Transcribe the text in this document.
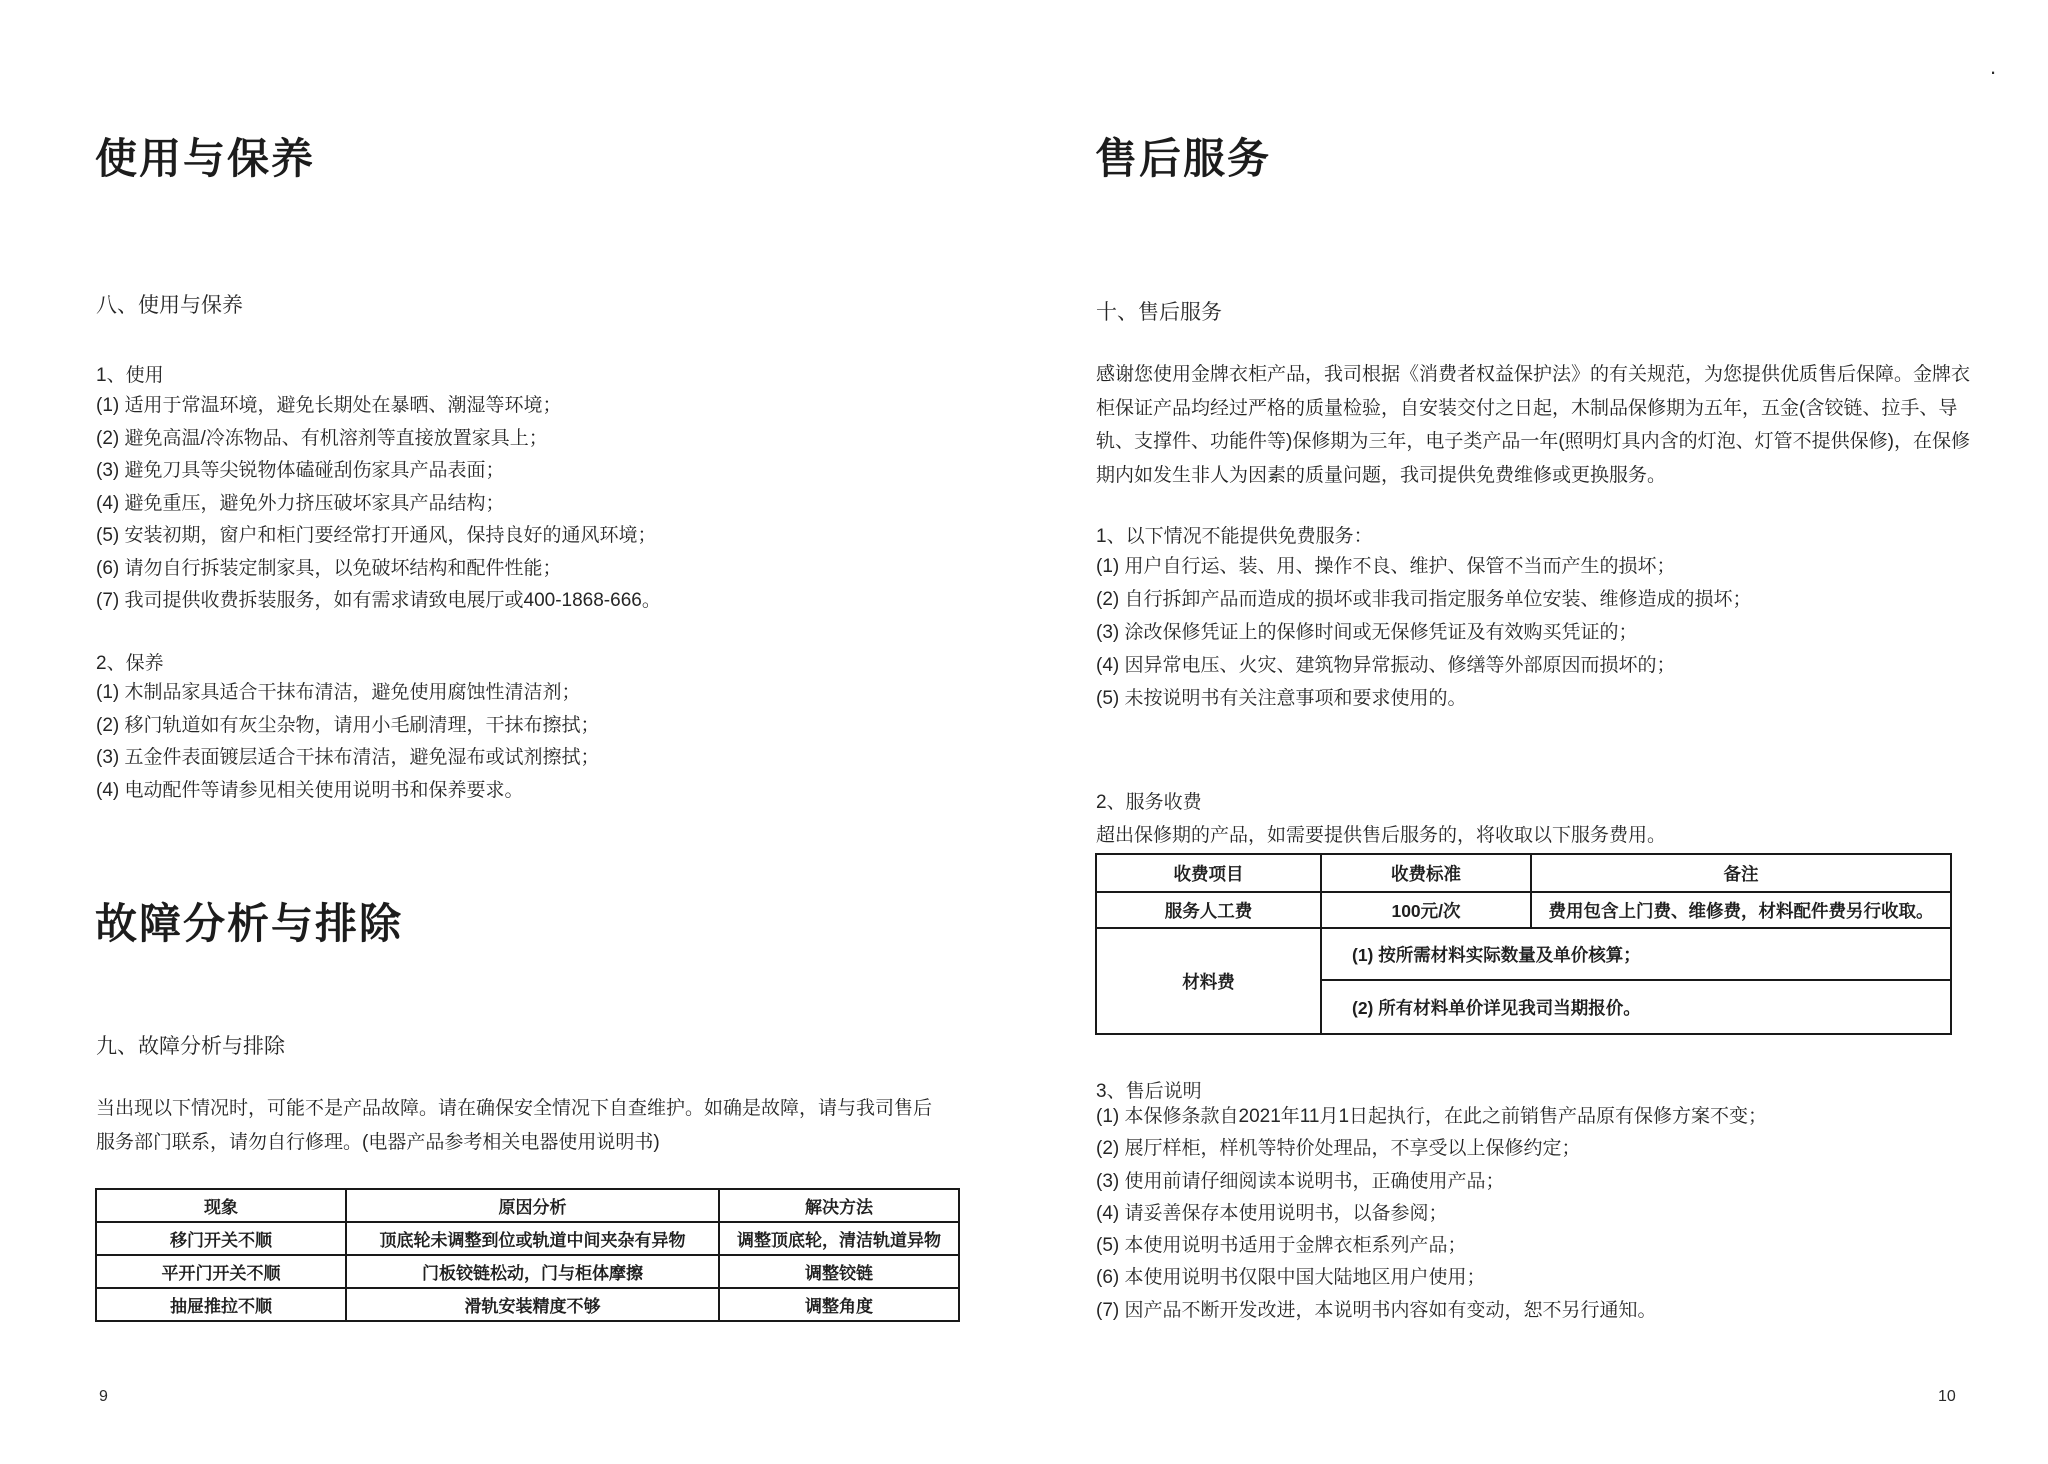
.
使用与保养
八、使用与保养
1、使用
(1) 适用于常温环境，避免长期处在暴晒、潮湿等环境；
(2) 避免高温/冷冻物品、有机溶剂等直接放置家具上；
(3) 避免刀具等尖锐物体磕碰刮伤家具产品表面；
(4) 避免重压，避免外力挤压破坏家具产品结构；
(5) 安装初期，窗户和柜门要经常打开通风，保持良好的通风环境；
(6) 请勿自行拆装定制家具，以免破坏结构和配件性能；
(7) 我司提供收费拆装服务，如有需求请致电展厅或400-1868-666。
2、保养
(1) 木制品家具适合干抹布清洁，避免使用腐蚀性清洁剂；
(2) 移门轨道如有灰尘杂物，请用小毛刷清理，干抹布擦拭；
(3) 五金件表面镀层适合干抹布清洁，避免湿布或试剂擦拭；
(4) 电动配件等请参见相关使用说明书和保养要求。
故障分析与排除
九、故障分析与排除
当出现以下情况时，可能不是产品故障。请在确保安全情况下自查维护。如确是故障，请与我司售后
服务部门联系，请勿自行修理。(电器产品参考相关电器使用说明书)
现象	原因分析	解决方法
移门开关不顺	顶底轮未调整到位或轨道中间夹杂有异物	调整顶底轮，清洁轨道异物
平开门开关不顺	门板铰链松动，门与柜体摩擦	调整铰链
抽屉推拉不顺	滑轨安装精度不够	调整角度
9
售后服务
十、售后服务
感谢您使用金牌衣柜产品，我司根据《消费者权益保护法》的有关规范，为您提供优质售后保障。金牌衣
柜保证产品均经过严格的质量检验，自安装交付之日起，木制品保修期为五年，五金(含铰链、拉手、导
轨、支撑件、功能件等)保修期为三年，电子类产品一年(照明灯具内含的灯泡、灯管不提供保修)，在保修
期内如发生非人为因素的质量问题，我司提供免费维修或更换服务。
1、以下情况不能提供免费服务：
(1) 用户自行运、装、用、操作不良、维护、保管不当而产生的损坏；
(2) 自行拆卸产品而造成的损坏或非我司指定服务单位安装、维修造成的损坏；
(3) 涂改保修凭证上的保修时间或无保修凭证及有效购买凭证的；
(4) 因异常电压、火灾、建筑物异常振动、修缮等外部原因而损坏的；
(5) 未按说明书有关注意事项和要求使用的。
2、服务收费
超出保修期的产品，如需要提供售后服务的，将收取以下服务费用。
收费项目	收费标准	备注
服务人工费	100元/次	费用包含上门费、维修费，材料配件费另行收取。
材料费	(1) 按所需材料实际数量及单价核算；	
	(2) 所有材料单价详见我司当期报价。	
3、售后说明
(1) 本保修条款自2021年11月1日起执行，在此之前销售产品原有保修方案不变；
(2) 展厅样柜，样机等特价处理品，不享受以上保修约定；
(3) 使用前请仔细阅读本说明书，正确使用产品；
(4) 请妥善保存本使用说明书，以备参阅；
(5) 本使用说明书适用于金牌衣柜系列产品；
(6) 本使用说明书仅限中国大陆地区用户使用；
(7) 因产品不断开发改进，本说明书内容如有变动，恕不另行通知。
10
